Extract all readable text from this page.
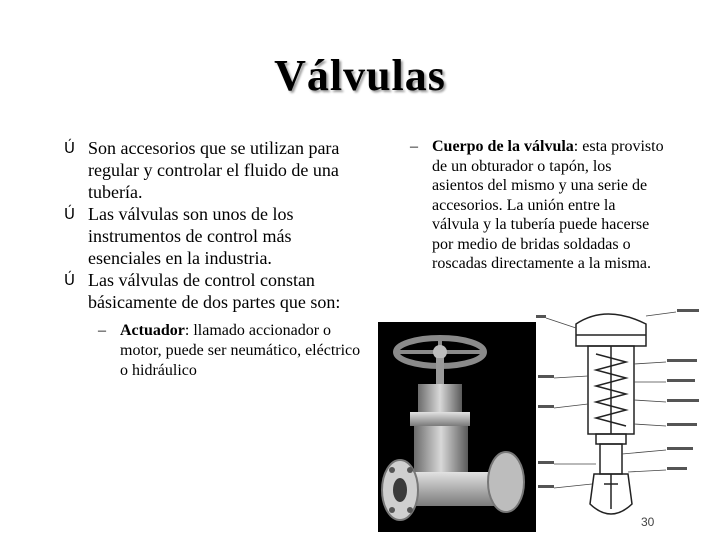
Válvulas

Ú Son accesorios que se utilizan para regular y controlar el fluido de una tubería.

Ú Las válvulas son unos de los instrumentos de control más esenciales en la industria.

Ú Las válvulas de control constan básicamente de dos partes que son:

– Actuador: llamado accionador o motor, puede ser neumático, eléctrico o hidráulico
– Cuerpo de la válvula: esta provisto de un obturador o tapón, los asientos del mismo y una serie de accesorios. La unión entre la válvula y la tubería puede hacerse por medio de bridas soldadas o roscadas directamente a la misma.
30
